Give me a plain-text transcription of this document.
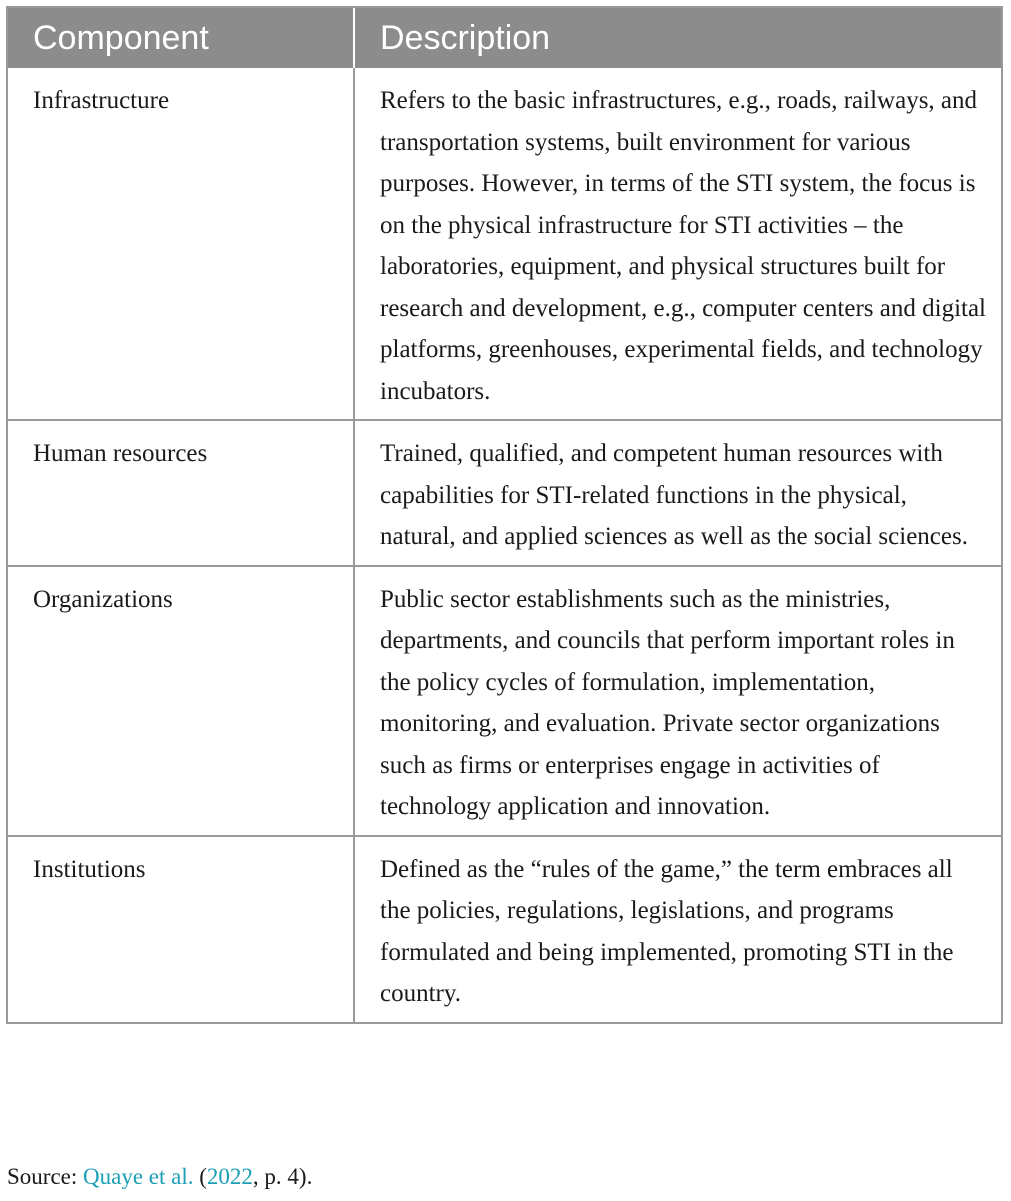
Component	Description
Infrastructure	Refers to the basic infrastructures, e.g., roads, railways, and transportation systems, built environment for various purposes. However, in terms of the STI system, the focus is on the physical infrastructure for STI activities – the laboratories, equipment, and physical structures built for research and development, e.g., computer centers and digital platforms, greenhouses, experimental fields, and technology incubators.
Human resources	Trained, qualified, and competent human resources with capabilities for STI-related functions in the physical, natural, and applied sciences as well as the social sciences.
Organizations	Public sector establishments such as the ministries, departments, and councils that perform important roles in the policy cycles of formulation, implementation, monitoring, and evaluation. Private sector organizations such as firms or enterprises engage in activities of technology application and innovation.
Institutions	Defined as the “rules of the game,” the term embraces all the policies, regulations, legislations, and programs formulated and being implemented, promoting STI in the country.
Source: Quaye et al. (2022, p. 4).
